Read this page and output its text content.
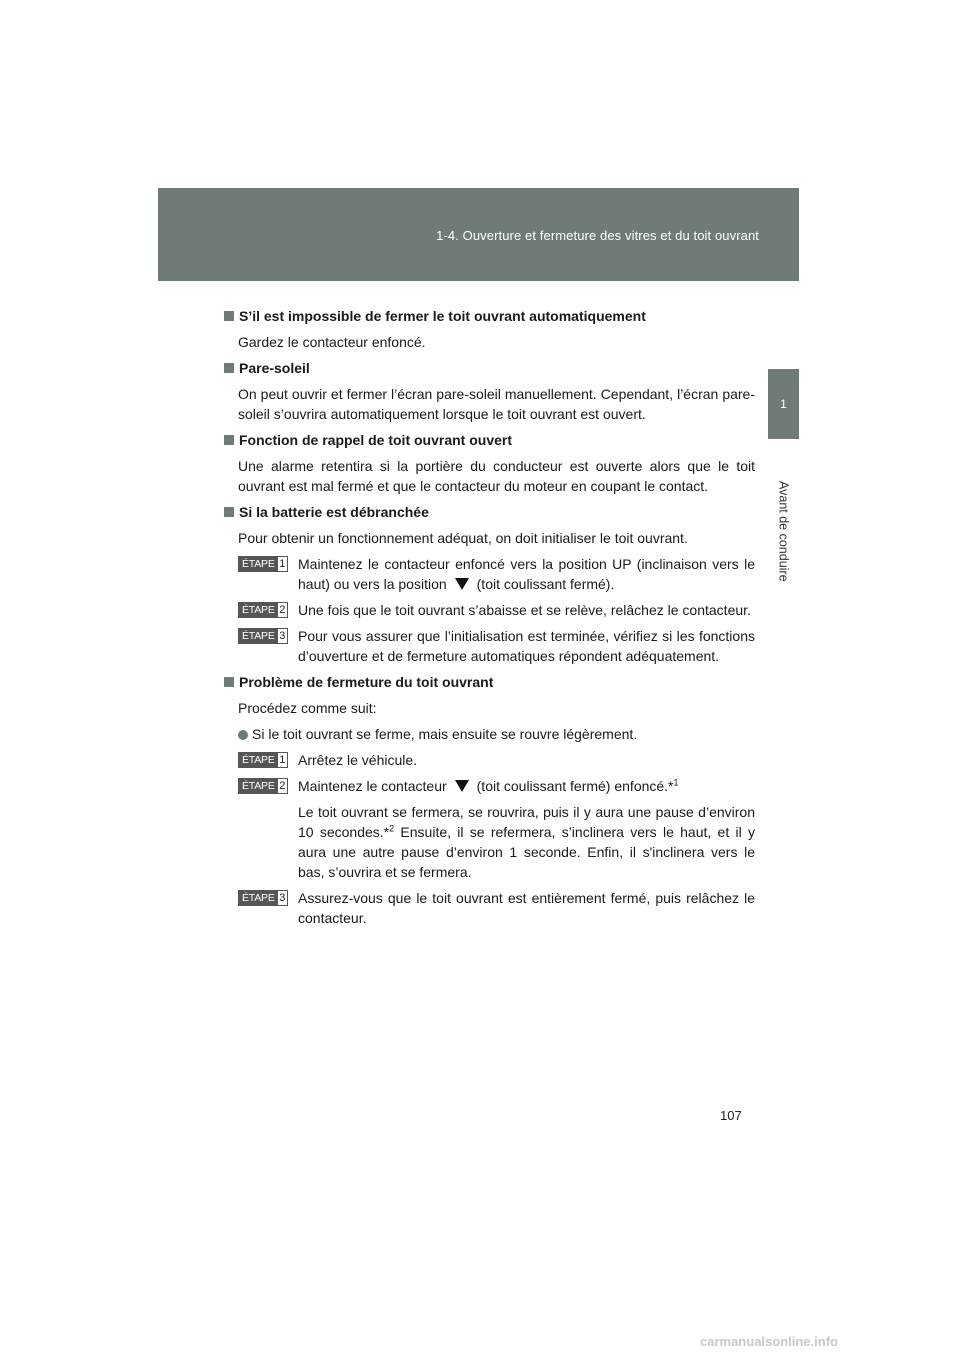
1-4. Ouverture et fermeture des vitres et du toit ouvrant
1
Avant de conduire

S’il est impossible de fermer le toit ouvrant automatiquement

Gardez le contacteur enfoncé.

Pare-soleil

On peut ouvrir et fermer l’écran pare-soleil manuellement. Cependant, l’écran pare-soleil s’ouvrira automatiquement lorsque le toit ouvrant est ouvert.

Fonction de rappel de toit ouvrant ouvert

Une alarme retentira si la portière du conducteur est ouverte alors que le toit ouvrant est mal fermé et que le contacteur du moteur en coupant le contact.

Si la batterie est débranchée

Pour obtenir un fonctionnement adéquat, on doit initialiser le toit ouvrant.

ÉTAPE 1 Maintenez le contacteur enfoncé vers la position UP (inclinaison vers le haut) ou vers la position (toit coulissant fermé).
ÉTAPE 2 Une fois que le toit ouvrant s’abaisse et se relève, relâchez le contacteur.
ÉTAPE 3 Pour vous assurer que l’initialisation est terminée, vérifiez si les fonctions d’ouverture et de fermeture automatiques répondent adéquatement.

Problème de fermeture du toit ouvrant

Procédez comme suit:

Si le toit ouvrant se ferme, mais ensuite se rouvre légèrement.

ÉTAPE 1 Arrêtez le véhicule.
ÉTAPE 2 Maintenez le contacteur (toit coulissant fermé) enfoncé.*$^1$

Le toit ouvrant se fermera, se rouvrira, puis il y aura une pause d’environ 10 secondes.*$^2$ Ensuite, il se refermera, s’inclinera vers le haut, et il y aura une autre pause d’environ 1 seconde. Enfin, il s'inclinera vers le bas, s’ouvrira et se fermera.

ÉTAPE 3 Assurez-vous que le toit ouvrant est entièrement fermé, puis relâchez le contacteur.
107
carmanualsonline.info
